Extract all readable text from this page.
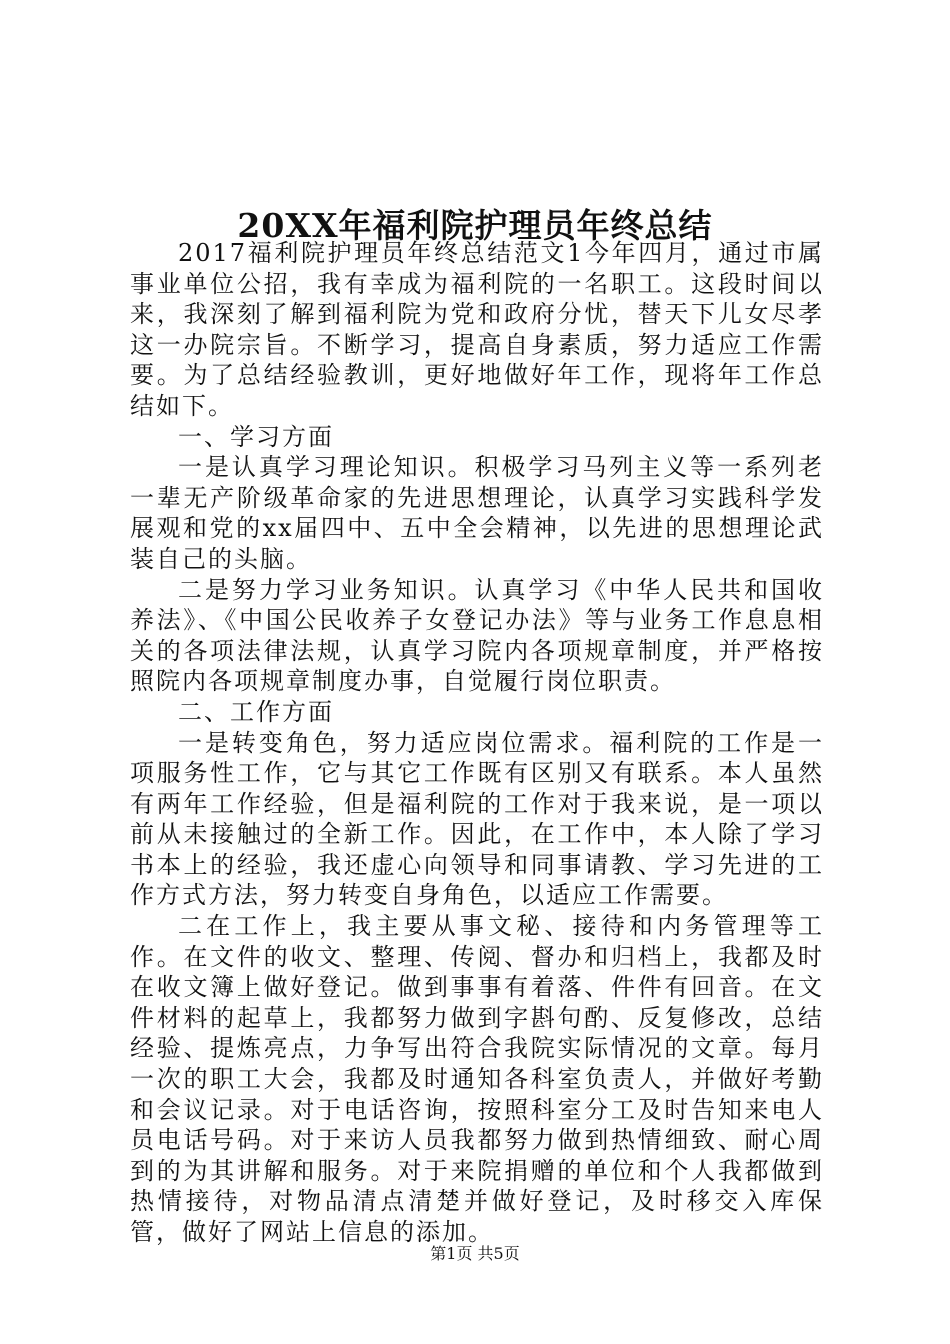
20XX年福利院护理员年终总结

2017福利院护理员年终总结范文1今年四月，通过市属事业单位公招，我有幸成为福利院的一名职工。这段时间以来，我深刻了解到福利院为党和政府分忧，替天下儿女尽孝这一办院宗旨。不断学习，提高自身素质，努力适应工作需要。为了总结经验教训，更好地做好年工作，现将年工作总结如下。

一、学习方面

一是认真学习理论知识。积极学习马列主义等一系列老一辈无产阶级革命家的先进思想理论，认真学习实践科学发展观和党的xx届四中、五中全会精神，以先进的思想理论武装自己的头脑。

二是努力学习业务知识。认真学习《中华人民共和国收养法》、《中国公民收养子女登记办法》等与业务工作息息相关的各项法律法规，认真学习院内各项规章制度，并严格按照院内各项规章制度办事，自觉履行岗位职责。

二、工作方面

一是转变角色，努力适应岗位需求。福利院的工作是一项服务性工作，它与其它工作既有区别又有联系。本人虽然有两年工作经验，但是福利院的工作对于我来说，是一项以前从未接触过的全新工作。因此，在工作中，本人除了学习书本上的经验，我还虚心向领导和同事请教、学习先进的工作方式方法，努力转变自身角色，以适应工作需要。

二在工作上，我主要从事文秘、接待和内务管理等工作。在文件的收文、整理、传阅、督办和归档上，我都及时在收文簿上做好登记。做到事事有着落、件件有回音。在文件材料的起草上，我都努力做到字斟句酌、反复修改，总结经验、提炼亮点，力争写出符合我院实际情况的文章。每月一次的职工大会，我都及时通知各科室负责人，并做好考勤和会议记录。对于电话咨询，按照科室分工及时告知来电人员电话号码。对于来访人员我都努力做到热情细致、耐心周到的为其讲解和服务。对于来院捐赠的单位和个人我都做到热情接待，对物品清点清楚并做好登记，及时移交入库保管，做好了网站上信息的添加。

第1页 共5页
